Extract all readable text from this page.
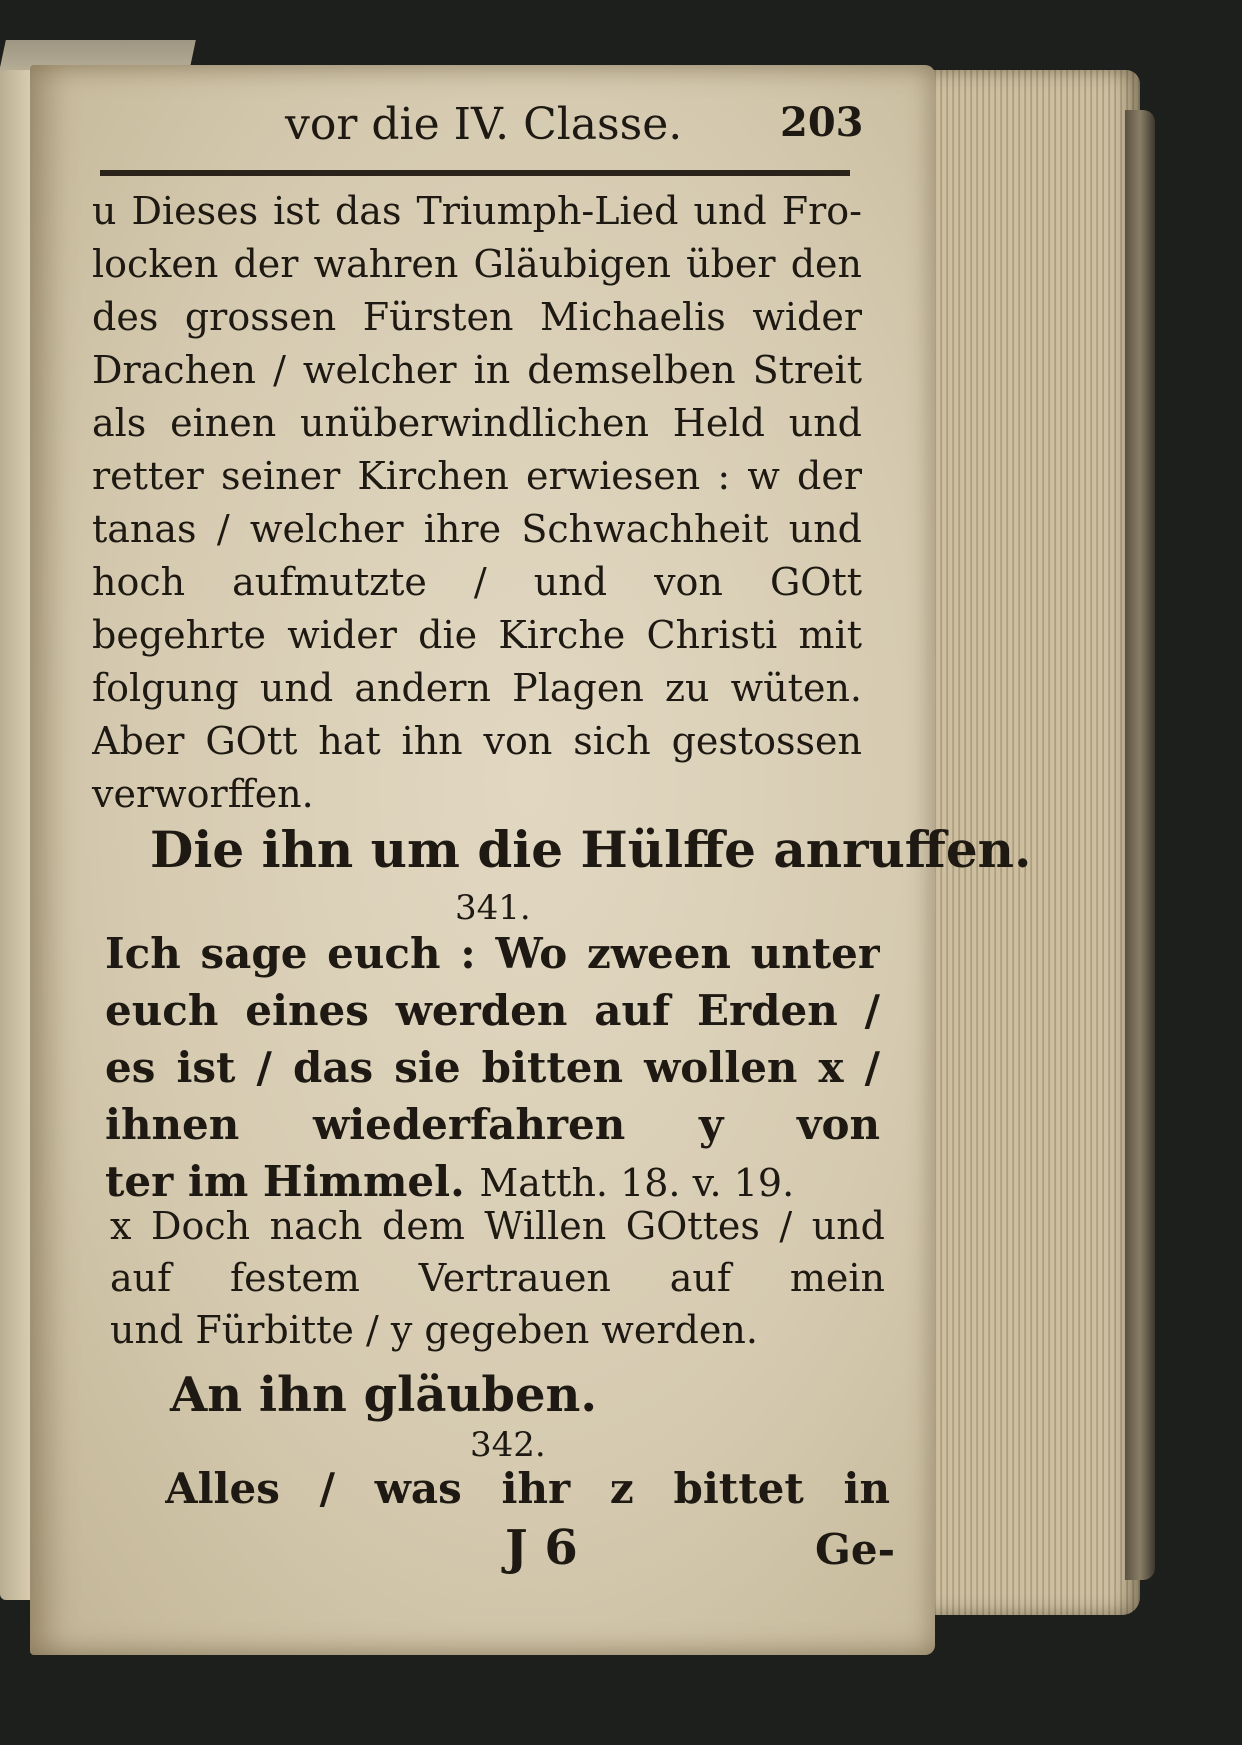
vor die IV. Classe. 203
u Dieses ist das Triumph-Lied und Fro-
locken der wahren Gläubigen über den
des grossen Fürsten Michaelis wider
Drachen / welcher in demselben Streit
als einen unüberwindlichen Held und
retter seiner Kirchen erwiesen : w der
tanas / welcher ihre Schwachheit und
hoch aufmutzte / und von GOtt
begehrte wider die Kirche Christi mit
folgung und andern Plagen zu wüten.
Aber GOtt hat ihn von sich gestossen
verworffen.
Die ihn um die Hülffe anruffen.
341.
Ich sage euch : Wo zween unter
euch eines werden auf Erden /
es ist / das sie bitten wollen x /
ihnen wiederfahren y von
ter im Himmel. Matth. 18. v. 19.
x Doch nach dem Willen GOttes / und
auf festem Vertrauen auf mein
und Fürbitte / y gegeben werden.
An ihn gläuben.
342.
Alles / was ihr z bittet in
J 6	Ge-
